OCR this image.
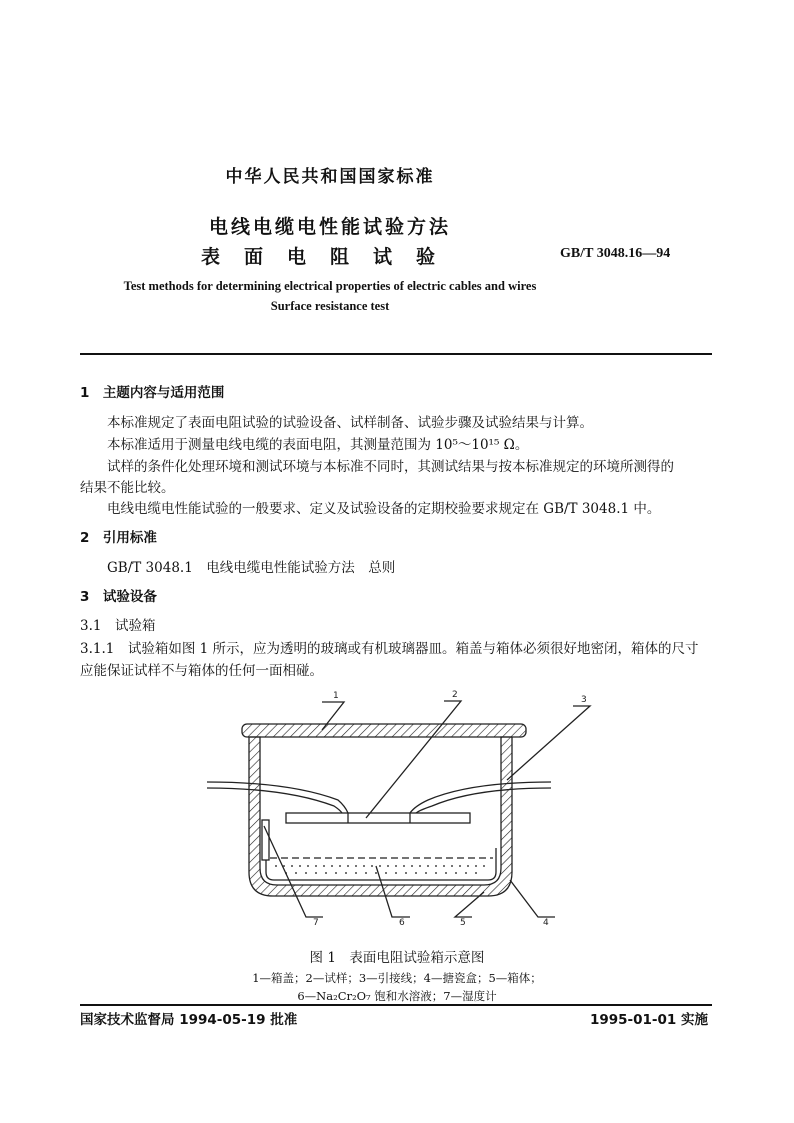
中华人民共和国国家标准
电线电缆电性能试验方法
表面电阻试验	GB/T 3048.16—94
Test methods for determining electrical properties of electric cables and wires
Surface resistance test
1　主题内容与适用范围
本标准规定了表面电阻试验的试验设备、试样制备、试验步骤及试验结果与计算。
本标准适用于测量电线电缆的表面电阻，其测量范围为 10⁵～10¹⁵ Ω。
试样的条件化处理环境和测试环境与本标准不同时，其测试结果与按本标准规定的环境所测得的
结果不能比较。
电线电缆电性能试验的一般要求、定义及试验设备的定期校验要求规定在 GB/T 3048.1 中。
2　引用标准
GB/T 3048.1　电线电缆电性能试验方法　总则
3　试验设备
3.1　试验箱
3.1.1　试验箱如图 1 所示，应为透明的玻璃或有机玻璃器皿。箱盖与箱体必须很好地密闭，箱体的尺寸
应能保证试样不与箱体的任何一面相碰。
1	2	3
4
5
6
7
图 1　表面电阻试验箱示意图
1—箱盖；2—试样；3—引接线；4—搪瓷盒；5—箱体；
6—Na₂Cr₂O₇ 饱和水溶液；7—湿度计
国家技术监督局 1994-05-19 批准	1995-01-01 实施
